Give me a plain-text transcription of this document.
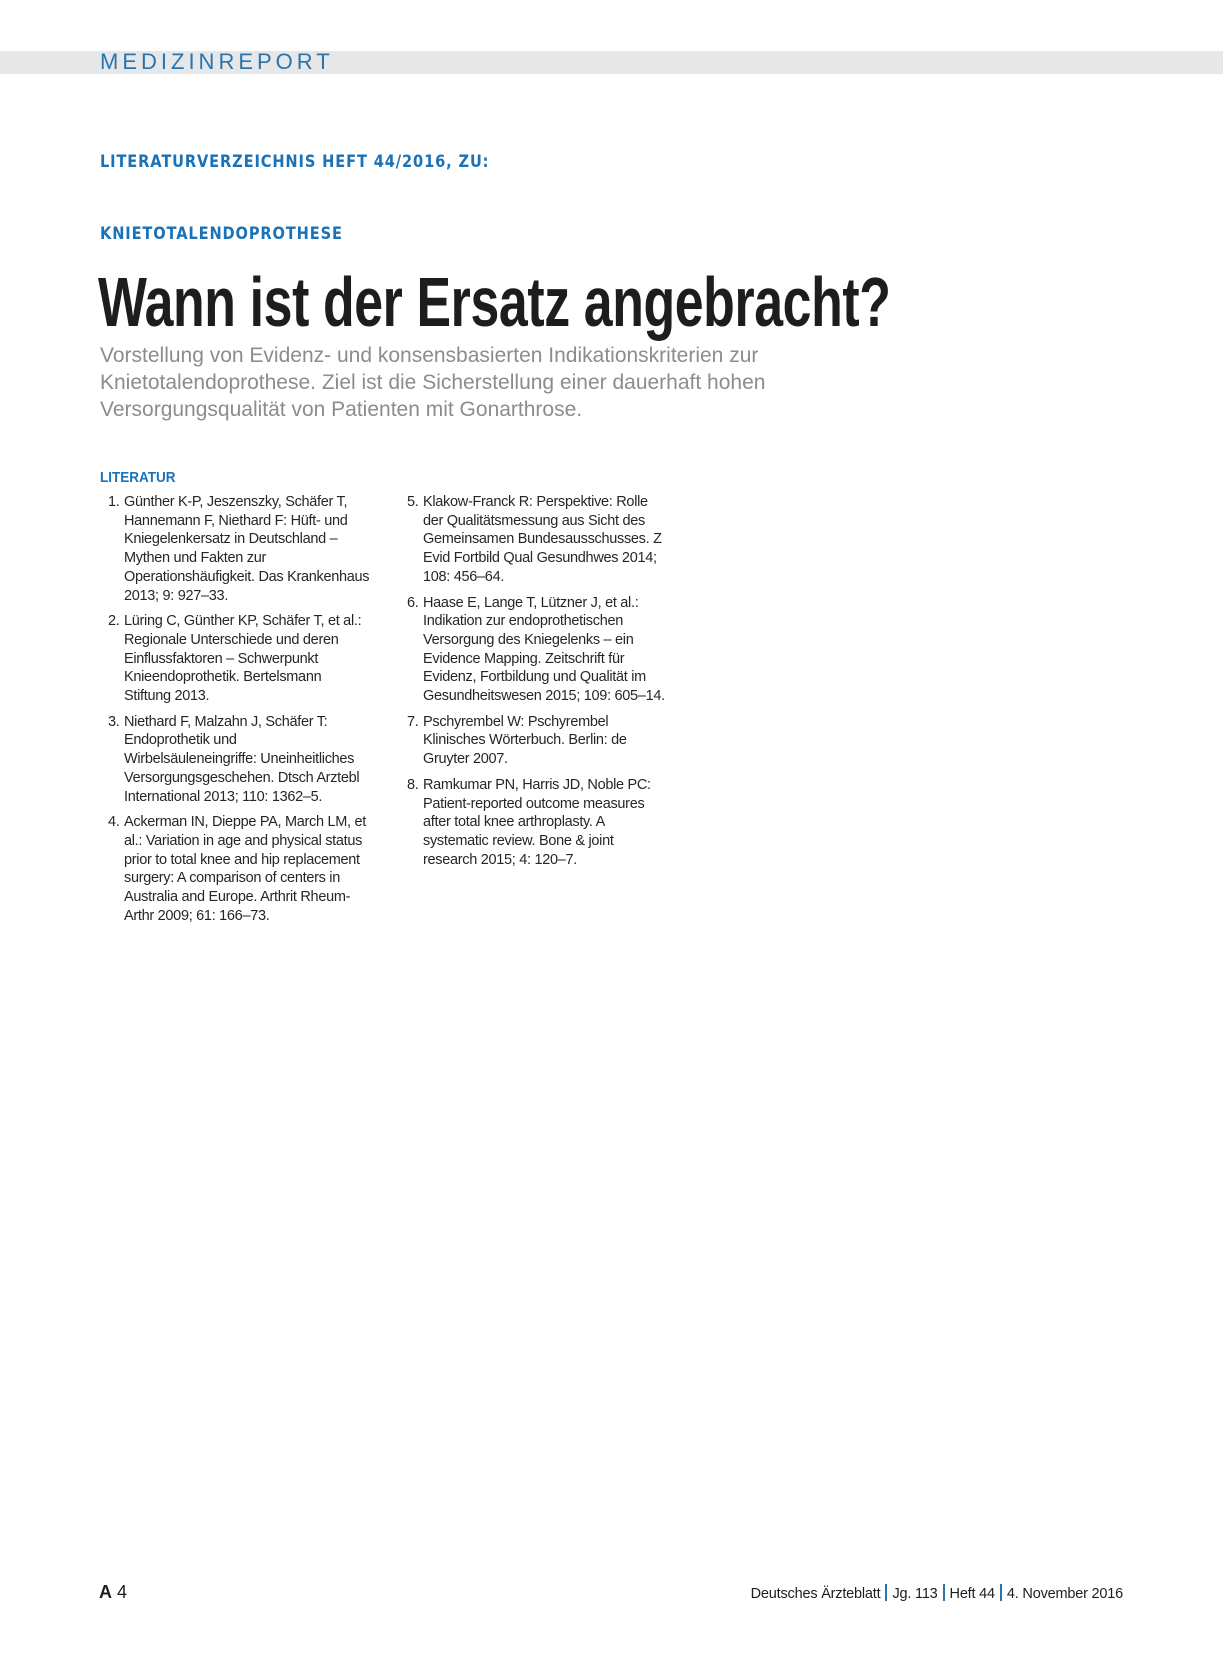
MEDIZINREPORT
LITERATURVERZEICHNIS HEFT 44/2016, ZU:
KNIETOTALENDOPROTHESE
Wann ist der Ersatz angebracht?
Vorstellung von Evidenz- und konsensbasierten Indikationskriterien zur Knietotalendoprothese. Ziel ist die Sicherstellung einer dauerhaft hohen Versorgungsqualität von Patienten mit Gonarthrose.
LITERATUR
1. Günther K-P, Jeszenszky, Schäfer T, Hannemann F, Niethard F: Hüft- und Kniegelenkersatz in Deutschland – Mythen und Fakten zur Operationshäufigkeit. Das Krankenhaus 2013; 9: 927–33.
2. Lüring C, Günther KP, Schäfer T, et al.: Regionale Unterschiede und deren Einflussfaktoren – Schwerpunkt Knieendoprothetik. Bertelsmann Stiftung 2013.
3. Niethard F, Malzahn J, Schäfer T: Endoprothetik und Wirbelsäuleneingriffe: Uneinheitliches Versorgungsgeschehen. Dtsch Arztebl International 2013; 110: 1362–5.
4. Ackerman IN, Dieppe PA, March LM, et al.: Variation in age and physical status prior to total knee and hip replacement surgery: A comparison of centers in Australia and Europe. Arthrit Rheum-Arthr 2009; 61: 166–73.
5. Klakow-Franck R: Perspektive: Rolle der Qualitätsmessung aus Sicht des Gemeinsamen Bundesausschusses. Z Evid Fortbild Qual Gesundhwes 2014; 108: 456–64.
6. Haase E, Lange T, Lützner J, et al.: Indikation zur endoprothetischen Versorgung des Kniegelenks – ein Evidence Mapping. Zeitschrift für Evidenz, Fortbildung und Qualität im Gesundheitswesen 2015; 109: 605–14.
7. Pschyrembel W: Pschyrembel Klinisches Wörterbuch. Berlin: de Gruyter 2007.
8. Ramkumar PN, Harris JD, Noble PC: Patient-reported outcome measures after total knee arthroplasty. A systematic review. Bone & joint research 2015; 4: 120–7.
A 4	Deutsches Ärzteblatt Jg. 113 Heft 44 4. November 2016
